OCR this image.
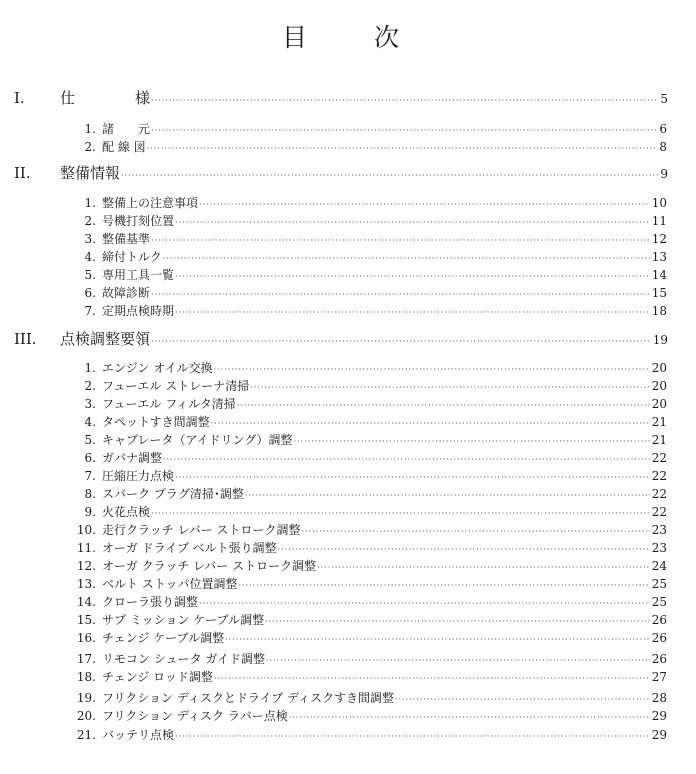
目	次
I. 仕　　　　様 ·····	5
1. 諸　　元 ·····	6
2. 配 線 図 ·····	8
II. 整備情報 ·····	9
1. 整備上の注意事項 ·····	10
2. 号機打刻位置 ·····	11
3. 整備基準 ·····	12
4. 締付トルク ·····	13
5. 専用工具一覧 ·····	14
6. 故障診断 ·····	15
7. 定期点検時期 ·····	18
III. 点検調整要領 ·····	19
1. エンジン オイル交換 ·····	20
2. フューエル ストレーナ清掃 ·····	20
3. フューエル フィルタ清掃 ·····	20
4. タペットすき間調整 ·····	21
5. キャブレータ（アイドリング）調整 ·····	21
6. ガバナ調整 ·····	22
7. 圧縮圧力点検 ·····	22
8. スパーク プラグ清掃･調整 ·····	22
9. 火花点検 ·····	22
10. 走行クラッチ レバー ストローク調整 ·····	23
11. オーガ ドライブ ベルト張り調整 ·····	23
12. オーガ クラッチ レバー ストローク調整 ·····	24
13. ベルト ストッパ位置調整 ·····	25
14. クローラ張り調整 ·····	25
15. サブ ミッション ケーブル調整 ·····	26
16. チェンジ ケーブル調整 ·····	26
17. リモコン シュータ ガイド調整 ·····	26
18. チェンジ ロッド調整 ·····	27
19. フリクション ディスクとドライブ ディスクすき間調整 ·····	28
20. フリクション ディスク ラバー点検 ·····	29
21. バッテリ点検 ·····	29
